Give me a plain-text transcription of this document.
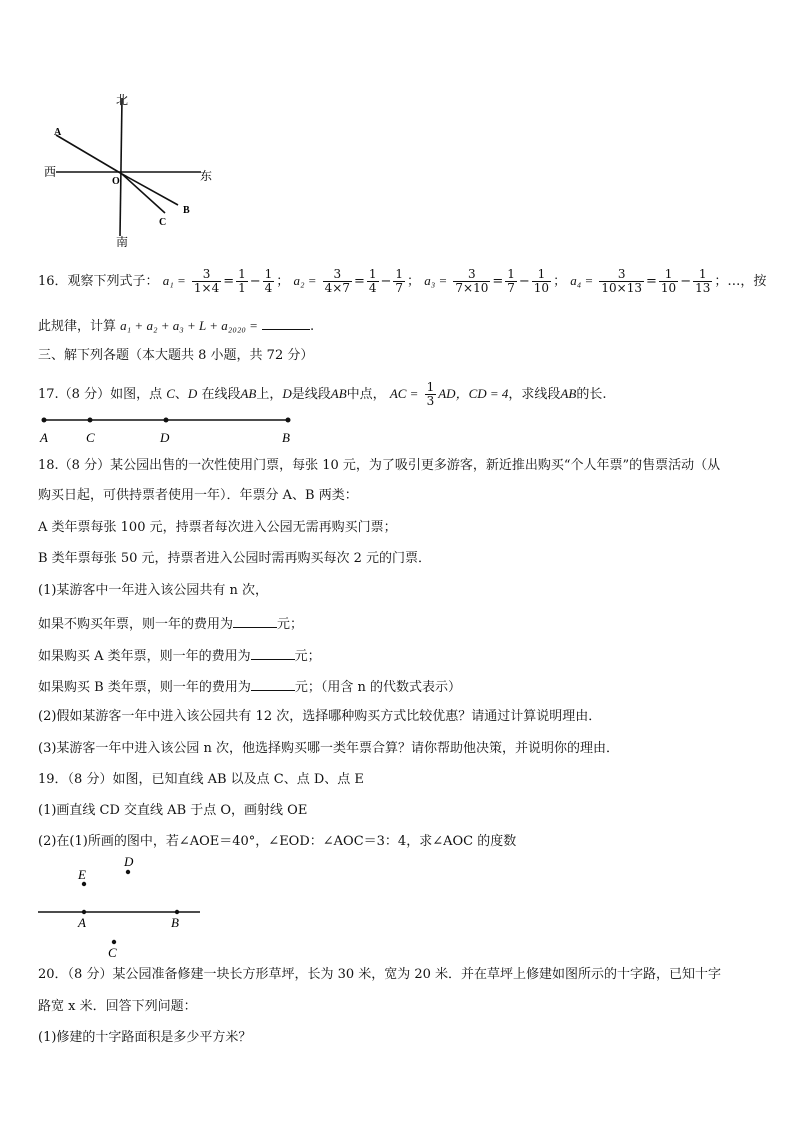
北
南
西	东
O
A
B
C
16．观察下列式子： $a_1 = \frac{3}{1\times 4} = \frac{1}{1} - \frac{1}{4}$ ； $a_2 = \frac{3}{4\times 7} = \frac{1}{4} - \frac{1}{7}$ ； $a_3 = \frac{3}{7\times 10} = \frac{1}{7} - \frac{1}{10}$ ； $a_4 = \frac{3}{10\times 13} = \frac{1}{10} - \frac{1}{13}$ ；…，按
此规律，计算 a₁ + a₂ + a₃ + L + a₂₀₂₀ =	.
三、解下列各题（本大题共 8 小题，共 72 分）
17.（8 分）如图，点 C、D 在线段AB上，D是线段AB中点， AC = $\frac{1}{3}$ AD，CD = 4，求线段AB的长.
A	C	D	B
18.（8 分）某公园出售的一次性使用门票，每张 10 元，为了吸引更多游客，新近推出购买“个人年票”的售票活动（从
购买日起，可供持票者使用一年）．年票分 A、B 两类：
A 类年票每张 100 元，持票者每次进入公园无需再购买门票；
B 类年票每张 50 元，持票者进入公园时需再购买每次 2 元的门票．
(1)某游客中一年进入该公园共有 n 次，
如果不购买年票，则一年的费用为	元；
如果购买 A 类年票，则一年的费用为	元；
如果购买 B 类年票，则一年的费用为	元；（用含 n 的代数式表示）
(2)假如某游客一年中进入该公园共有 12 次，选择哪种购买方式比较优惠？请通过计算说明理由．
(3)某游客一年中进入该公园 n 次，他选择购买哪一类年票合算？请你帮助他决策，并说明你的理由．
19．（8 分）如图，已知直线 AB 以及点 C、点 D、点 E
(1)画直线 CD 交直线 AB 于点 O，画射线 OE
(2)在(1)所画的图中，若∠AOE＝40°，∠EOD：∠AOC＝3：4，求∠AOC 的度数
D
E
A	B
C
20．（8 分）某公园准备修建一块长方形草坪，长为 30 米，宽为 20 米．并在草坪上修建如图所示的十字路，已知十字
路宽 x 米．回答下列问题：
(1)修建的十字路面积是多少平方米？
